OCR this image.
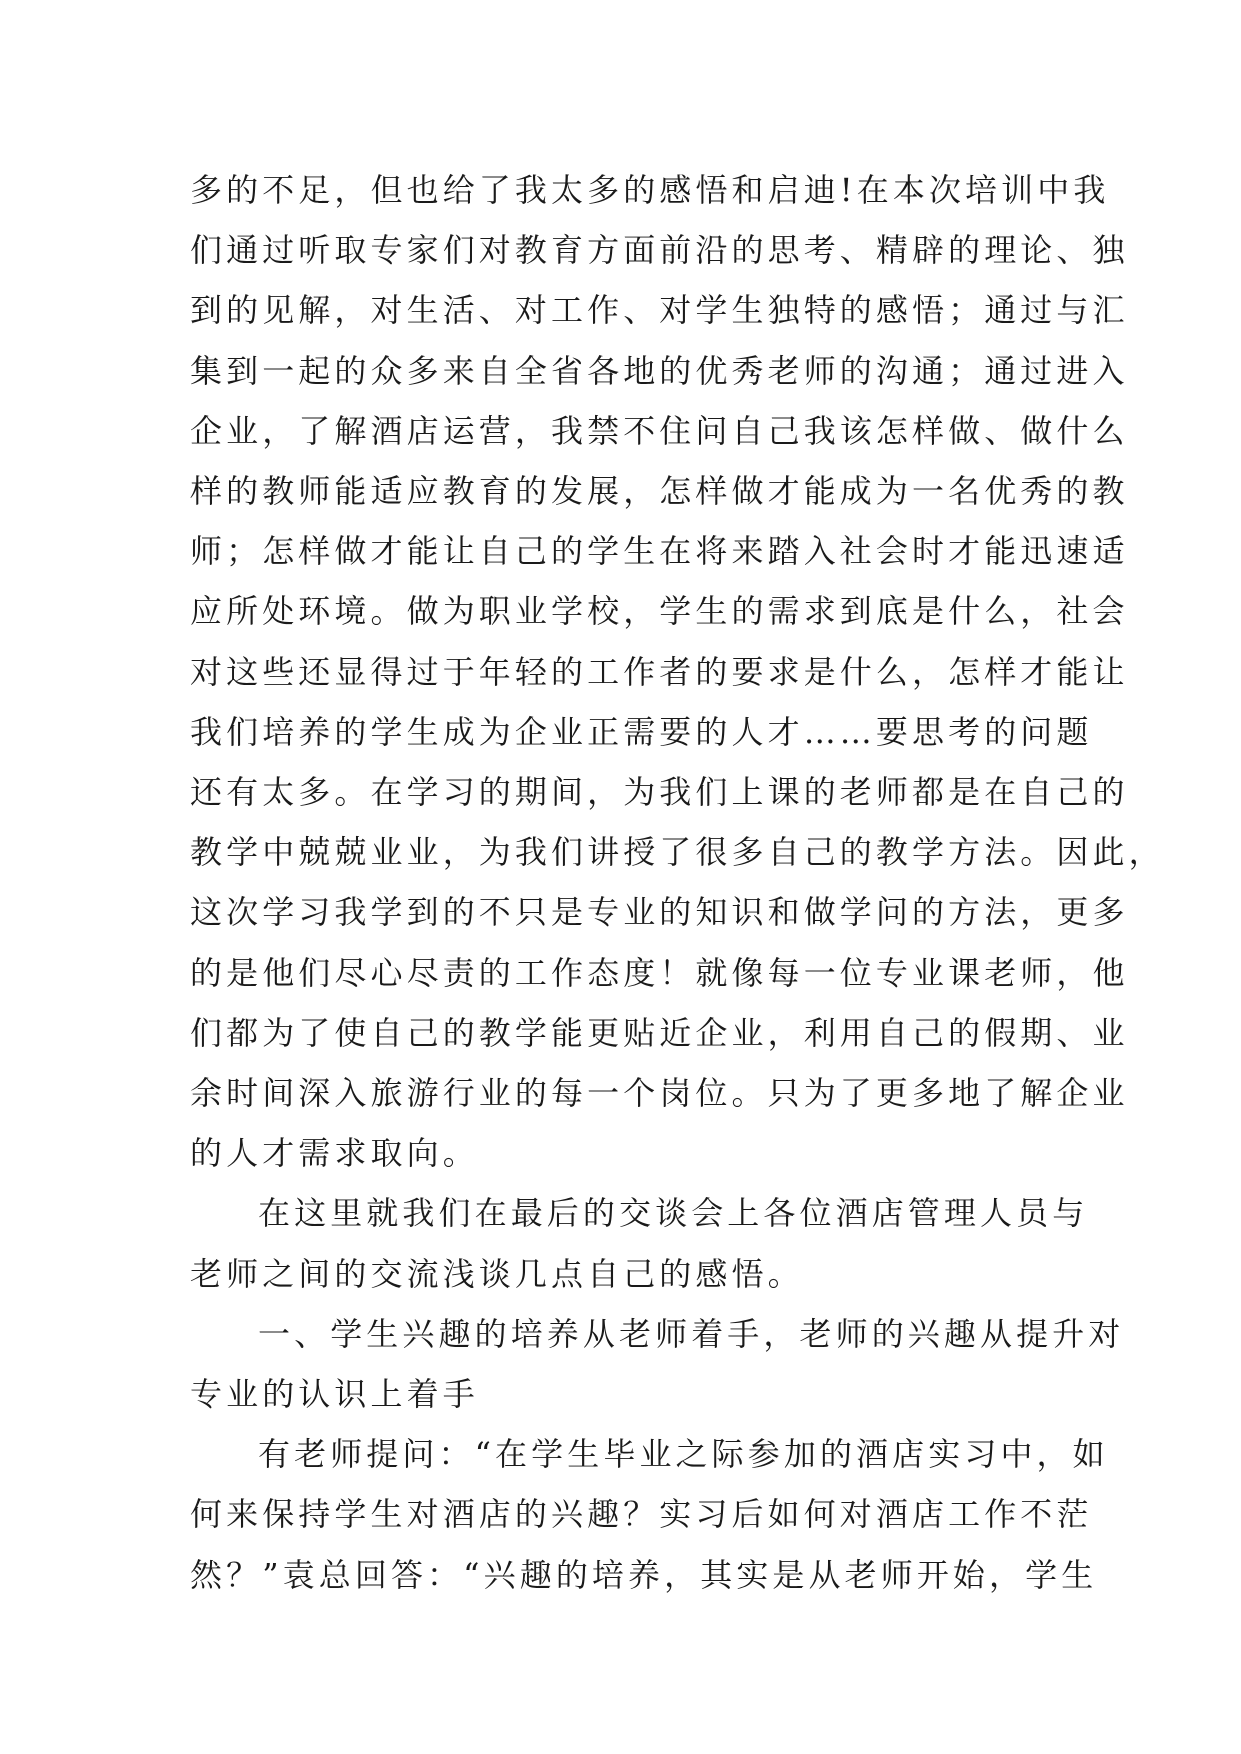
多的不足，但也给了我太多的感悟和启迪!在本次培训中我
们通过听取专家们对教育方面前沿的思考、精辟的理论、独
到的见解，对生活、对工作、对学生独特的感悟；通过与汇
集到一起的众多来自全省各地的优秀老师的沟通；通过进入
企业，了解酒店运营，我禁不住问自己我该怎样做、做什么
样的教师能适应教育的发展，怎样做才能成为一名优秀的教
师；怎样做才能让自己的学生在将来踏入社会时才能迅速适
应所处环境。做为职业学校，学生的需求到底是什么，社会
对这些还显得过于年轻的工作者的要求是什么，怎样才能让
我们培养的学生成为企业正需要的人才……要思考的问题
还有太多。在学习的期间，为我们上课的老师都是在自己的
教学中兢兢业业，为我们讲授了很多自己的教学方法。因此，
这次学习我学到的不只是专业的知识和做学问的方法，更多
的是他们尽心尽责的工作态度！就像每一位专业课老师，他
们都为了使自己的教学能更贴近企业，利用自己的假期、业
余时间深入旅游行业的每一个岗位。只为了更多地了解企业
的人才需求取向。

在这里就我们在最后的交谈会上各位酒店管理人员与
老师之间的交流浅谈几点自己的感悟。

一、学生兴趣的培养从老师着手，老师的兴趣从提升对
专业的认识上着手

有老师提问：“在学生毕业之际参加的酒店实习中，如
何来保持学生对酒店的兴趣？实习后如何对酒店工作不茫
然？”袁总回答：“兴趣的培养，其实是从老师开始，学生
